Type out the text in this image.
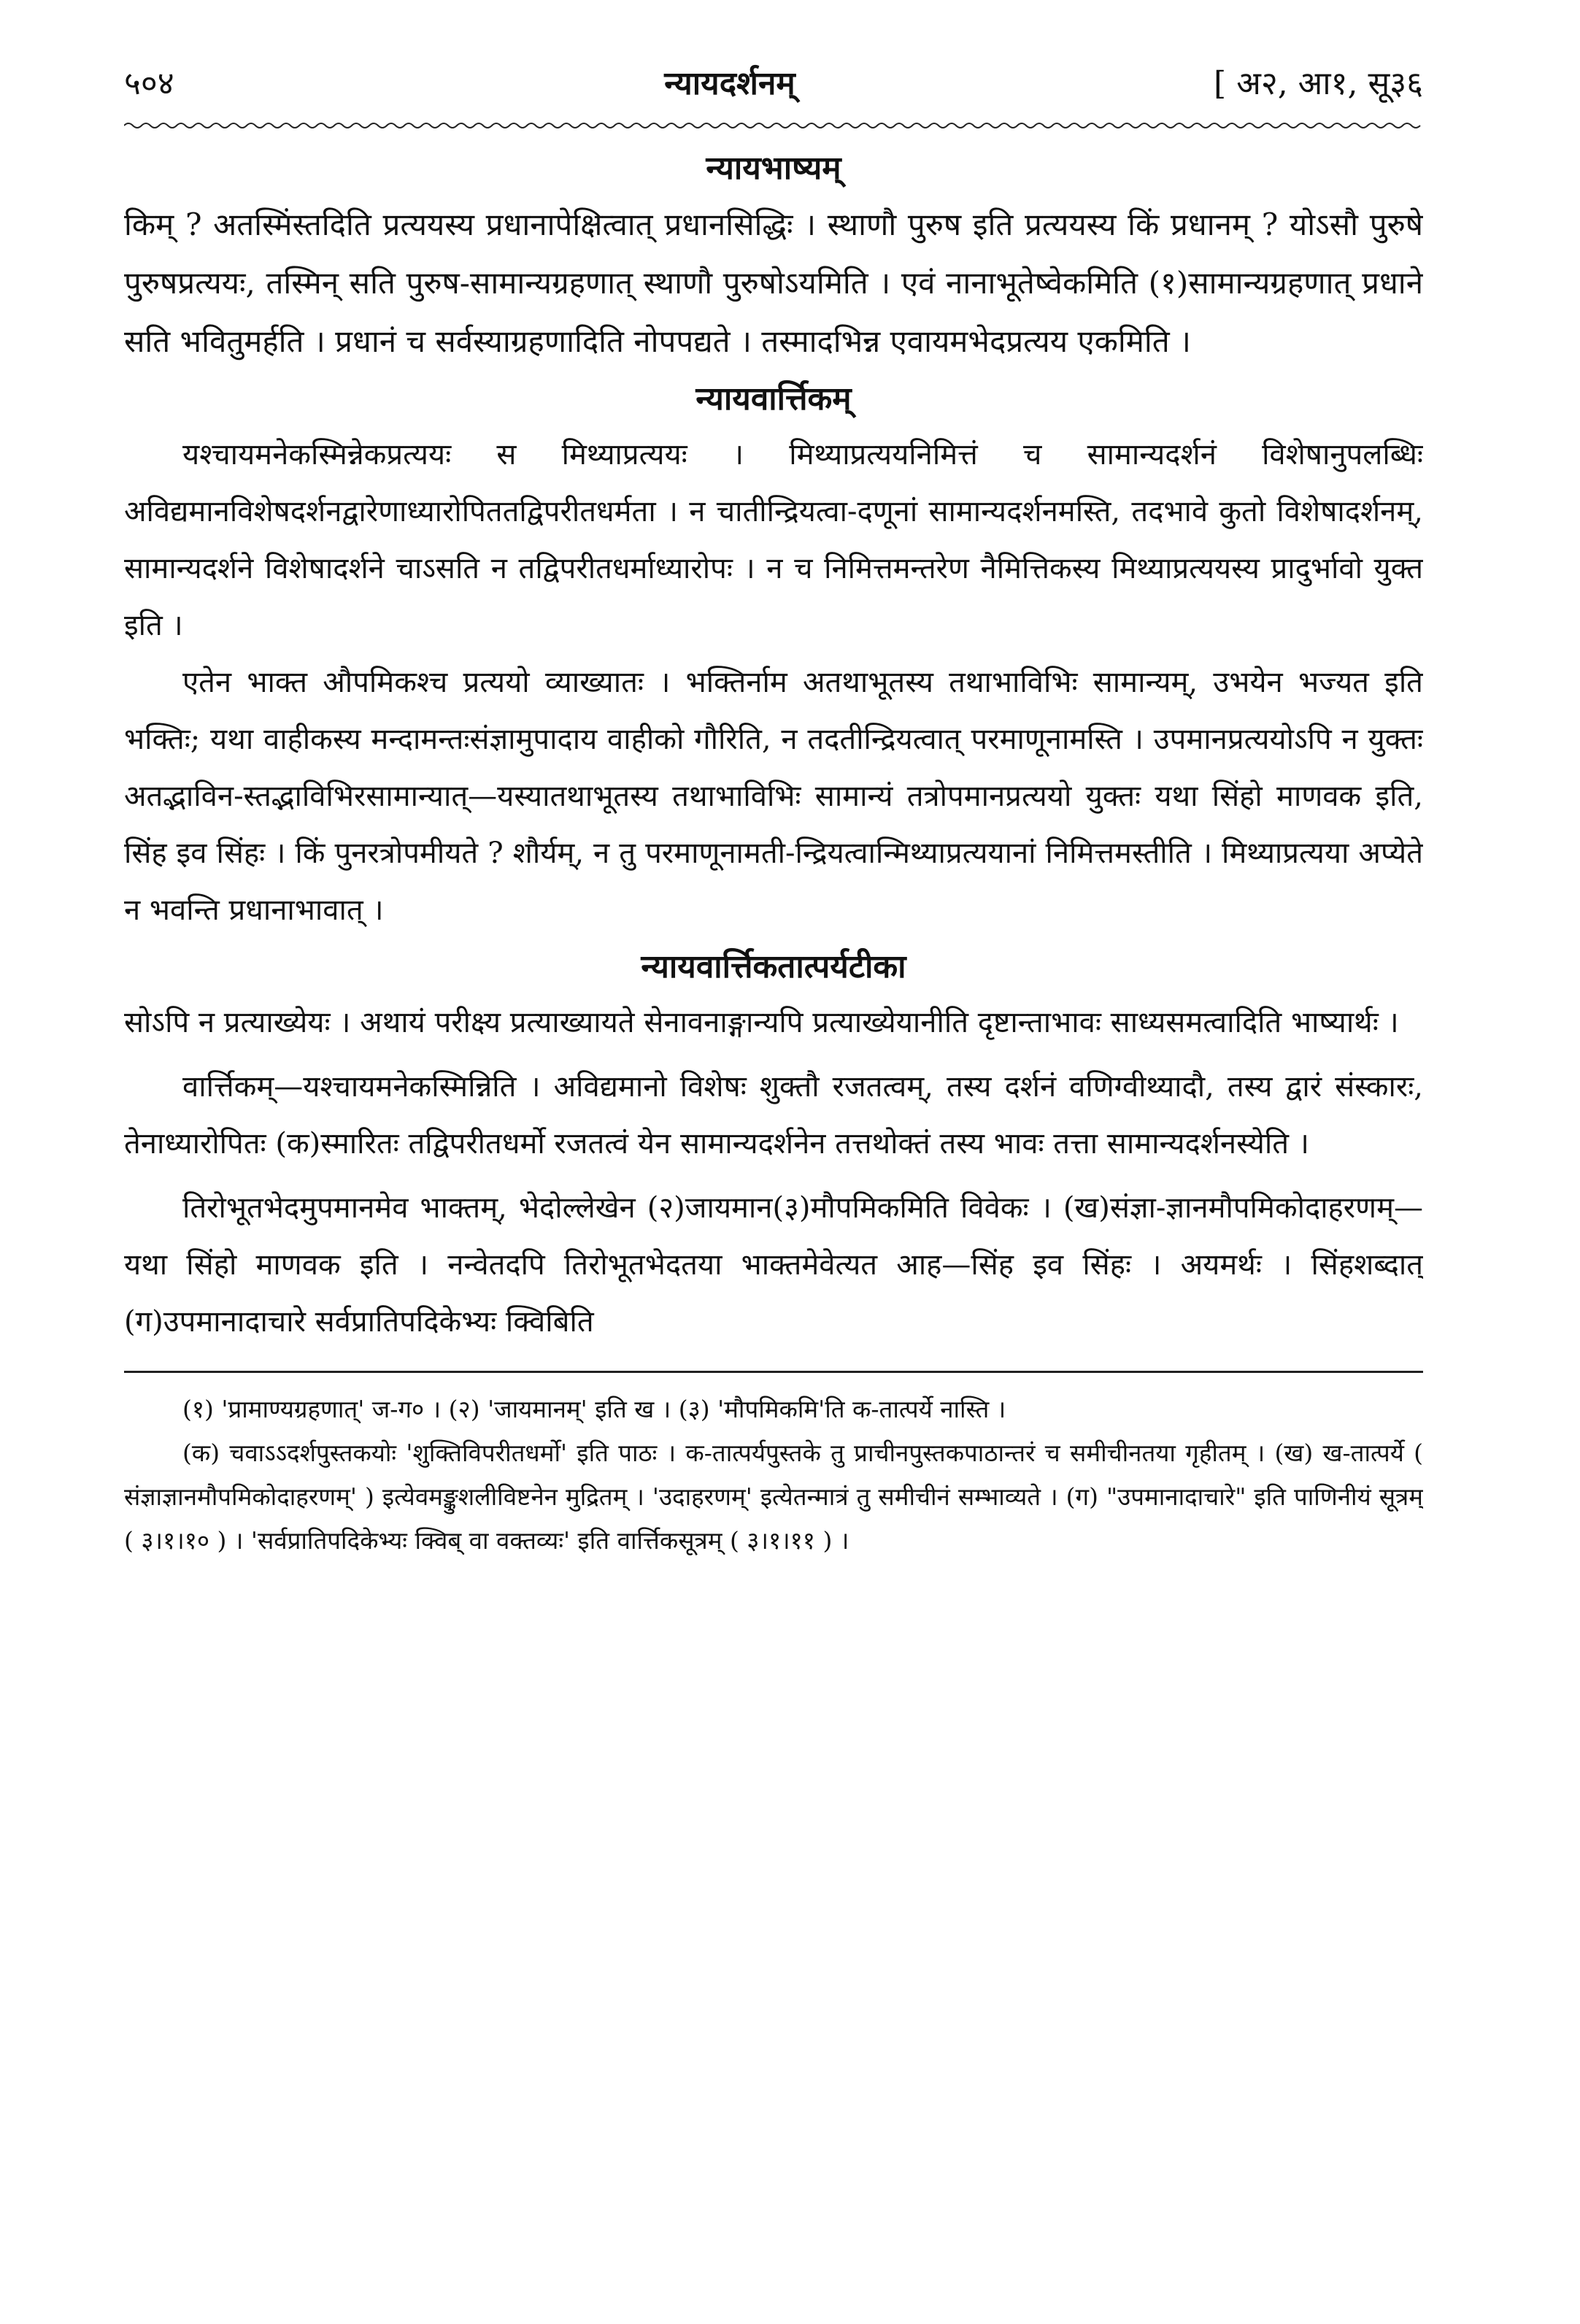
५०४	न्यायदर्शनम्	[ अ२, आ१, सू३६
न्यायभाष्यम्

किम् ? अतस्मिंस्तदिति प्रत्ययस्य प्रधानापेक्षित्वात् प्रधानसिद्धिः । स्थाणौ पुरुष इति प्रत्ययस्य किं प्रधानम् ? योऽसौ पुरुषे पुरुषप्रत्ययः, तस्मिन् सति पुरुष-सामान्यग्रहणात् स्थाणौ पुरुषोऽयमिति । एवं नानाभूतेष्वेकमिति (१)सामान्यग्रहणात् प्रधाने सति भवितुमर्हति । प्रधानं च सर्वस्याग्रहणादिति नोपपद्यते । तस्मादभिन्न एवायमभेदप्रत्यय एकमिति ।

न्यायवार्त्तिकम्

यश्चायमनेकस्मिन्नेकप्रत्ययः स मिथ्याप्रत्ययः । मिथ्याप्रत्ययनिमित्तं च सामान्यदर्शनं विशेषानुपलब्धिः अविद्यमानविशेषदर्शनद्वारेणाध्यारोपिततद्विपरीतधर्मता । न चातीन्द्रियत्वा-दणूनां सामान्यदर्शनमस्ति, तदभावे कुतो विशेषादर्शनम्, सामान्यदर्शने विशेषादर्शने चाऽसति न तद्विपरीतधर्माध्यारोपः । न च निमित्तमन्तरेण नैमित्तिकस्य मिथ्याप्रत्ययस्य प्रादुर्भावो युक्त इति ।

एतेन भाक्त औपमिकश्च प्रत्ययो व्याख्यातः । भक्तिर्नाम अतथाभूतस्य तथाभाविभिः सामान्यम्, उभयेन भज्यत इति भक्तिः; यथा वाहीकस्य मन्दामन्तःसंज्ञामुपादाय वाहीको गौरिति, न तदतीन्द्रियत्वात् परमाणूनामस्ति । उपमानप्रत्ययोऽपि न युक्तः अतद्भाविन-स्तद्भाविभिरसामान्यात्—यस्यातथाभूतस्य तथाभाविभिः सामान्यं तत्रोपमानप्रत्ययो युक्तः यथा सिंहो माणवक इति, सिंह इव सिंहः । किं पुनरत्रोपमीयते ? शौर्यम्, न तु परमाणूनामती-न्द्रियत्वान्मिथ्याप्रत्ययानां निमित्तमस्तीति । मिथ्याप्रत्यया अप्येते न भवन्ति प्रधानाभावात् ।

न्यायवार्त्तिकतात्पर्यटीका

सोऽपि न प्रत्याख्येयः । अथायं परीक्ष्य प्रत्याख्यायते सेनावनाङ्गान्यपि प्रत्याख्येयानीति दृष्टान्ताभावः साध्यसमत्वादिति भाष्यार्थः ।

वार्त्तिकम्—यश्चायमनेकस्मिन्निति । अविद्यमानो विशेषः शुक्तौ रजतत्वम्, तस्य दर्शनं वणिग्वीथ्यादौ, तस्य द्वारं संस्कारः, तेनाध्यारोपितः (क)स्मारितः तद्विपरीतधर्मो रजतत्वं येन सामान्यदर्शनेन तत्तथोक्तं तस्य भावः तत्ता सामान्यदर्शनस्येति ।

तिरोभूतभेदमुपमानमेव भाक्तम्, भेदोल्लेखेन (२)जायमान(३)मौपमिकमिति विवेकः । (ख)संज्ञा-ज्ञानमौपमिकोदाहरणम्—यथा सिंहो माणवक इति । नन्वेतदपि तिरोभूतभेदतया भाक्तमेवेत्यत आह—सिंह इव सिंहः । अयमर्थः । सिंहशब्दात् (ग)उपमानादाचारे सर्वप्रातिपदिकेभ्यः क्विबिति

(१) 'प्रामाण्यग्रहणात्' ज-ग० । (२) 'जायमानम्' इति ख । (३) 'मौपमिकमि'ति क-तात्पर्ये नास्ति ।

(क) चवाऽऽदर्शपुस्तकयोः 'शुक्तिविपरीतधर्मो' इति पाठः । क-तात्पर्यपुस्तके तु प्राचीनपुस्तकपाठान्तरं च समीचीनतया गृहीतम् । (ख) ख-तात्पर्ये ( संज्ञाज्ञानमौपमिकोदाहरणम्' ) इत्येवमङ्कुशलीविष्टनेन मुद्रितम् । 'उदाहरणम्' इत्येतन्मात्रं तु समीचीनं सम्भाव्यते । (ग) "उपमानादाचारे" इति पाणिनीयं सूत्रम् ( ३।१।१० ) । 'सर्वप्रातिपदिकेभ्यः क्विब् वा वक्तव्यः' इति वार्त्तिकसूत्रम् ( ३।१।११ ) ।
